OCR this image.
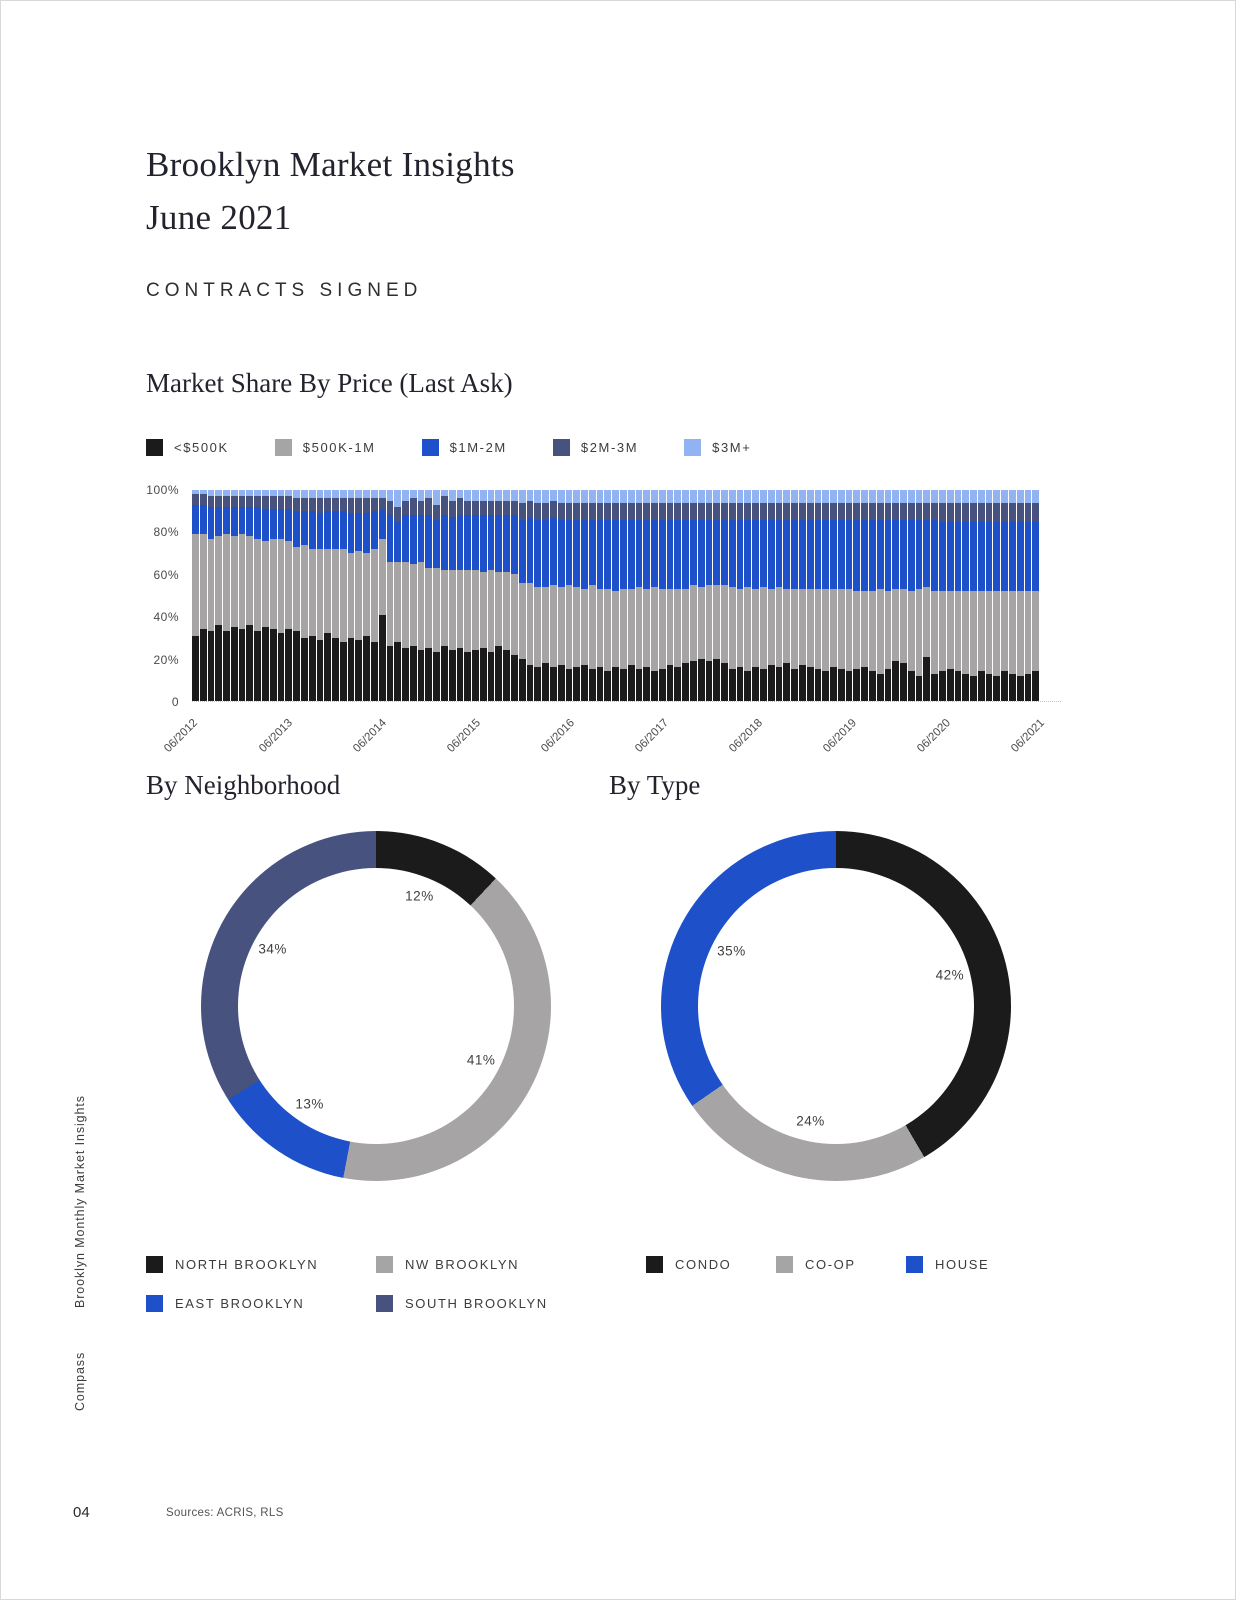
Brooklyn Monthly Market Insights
Compass
Brooklyn Market Insights
June 2021
CONTRACTS SIGNED
Market Share By Price (Last Ask)
<$500K	$500K-1M	$1M-2M	$2M-3M	$3M+
100%
80%
60%
40%
20%
0
06/2012	06/2013	06/2014	06/2015	06/2016	06/2017	06/2018	06/2019	06/2020	06/2021
By Neighborhood
12%
41%
13%
34%
NORTH BROOKLYN	NW BROOKLYN
EAST BROOKLYN	SOUTH BROOKLYN
By Type
42%
24%
35%
CONDO	CO-OP	HOUSE
04	Sources: ACRIS, RLS
